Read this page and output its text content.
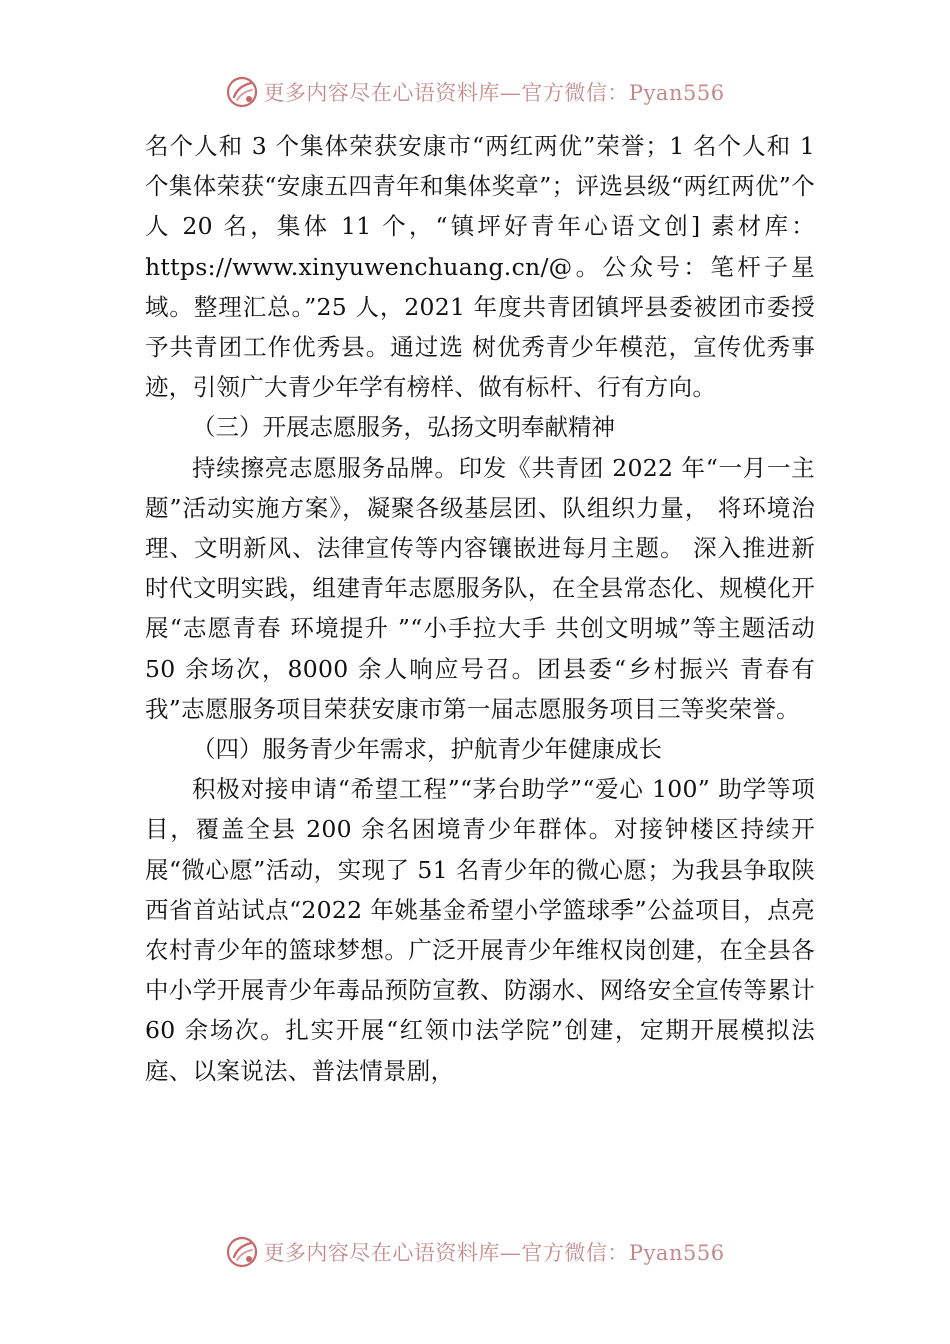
更多内容尽在心语资料库—官方微信：Pyan556

名个人和 3 个集体荣获安康市“两红两优”荣誉；1 名个人和 1 个集体荣获“安康五四青年和集体奖章”；评选县级“两红两优”个人 20 名，集体 11 个，“镇坪好青年心语文创] 素材库：https://www.xinyuwenchuang.cn/@。公众号：笔杆子星域。整理汇总。”25 人，2021 年度共青团镇坪县委被团市委授予共青团工作优秀县。通过选 树优秀青少年模范，宣传优秀事迹，引领广大青少年学有榜样、做有标杆、行有方向。

（三）开展志愿服务，弘扬文明奉献精神

持续擦亮志愿服务品牌。印发《共青团 2022 年“一月一主题”活动实施方案》，凝聚各级基层团、队组织力量， 将环境治理、文明新风、法律宣传等内容镶嵌进每月主题。 深入推进新时代文明实践，组建青年志愿服务队，在全县常态化、规模化开展“志愿青春 环境提升 ”“小手拉大手 共创文明城”等主题活动 50 余场次，8000 余人响应号召。团县委“乡村振兴 青春有我”志愿服务项目荣获安康市第一届志愿服务项目三等奖荣誉。

（四）服务青少年需求，护航青少年健康成长

积极对接申请“希望工程”“茅台助学”“爱心 100” 助学等项目，覆盖全县 200 余名困境青少年群体。对接钟楼区持续开展“微心愿”活动，实现了 51 名青少年的微心愿；为我县争取陕西省首站试点“2022 年姚基金希望小学篮球季”公益项目，点亮农村青少年的篮球梦想。广泛开展青少年维权岗创建，在全县各中小学开展青少年毒品预防宣教、防溺水、网络安全宣传等累计 60 余场次。扎实开展“红领巾法学院”创建，定期开展模拟法庭、以案说法、普法情景剧，

更多内容尽在心语资料库—官方微信：Pyan556
